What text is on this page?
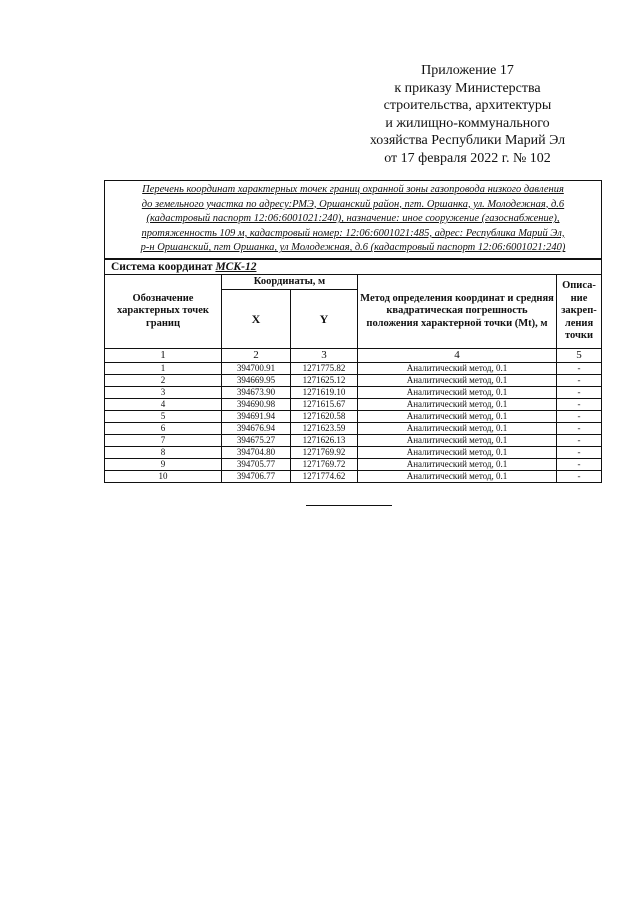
Приложение 17
к приказу Министерства
строительства, архитектуры
и жилищно-коммунального
хозяйства Республики Марий Эл
от 17 февраля 2022 г. № 102
Перечень координат характерных точек границ охранной зоны газопровода низкого давления
до земельного участка по адресу:РМЭ, Оршанский район, пгт. Оршанка, ул. Молодежная, д.6
(кадастровый паспорт 12:06:6001021:240), назначение: иное сооружение (газоснабжение),
протяженность 109 м, кадастровый номер: 12:06:6001021:485, адрес: Республика Марий Эл,
р-н Оршанский, пгт Оршанка, ул Молодежная, д.6 (кадастровый паспорт 12:06:6001021:240)				

Система координат МСК-12				
Обозначение характерных точек границ	Координаты, м		Метод определения координат и средняя квадратическая погрешность положения характерной точки (Mt), м	Описа-ние закреп-ления точки
	X	Y		
1	2	3	4	5
1	394700.91	1271775.82	Аналитический метод, 0.1	-
2	394669.95	1271625.12	Аналитический метод, 0.1	-
3	394673.90	1271619.10	Аналитический метод, 0.1	-
4	394690.98	1271615.67	Аналитический метод, 0.1	-
5	394691.94	1271620.58	Аналитический метод, 0.1	-
6	394676.94	1271623.59	Аналитический метод, 0.1	-
7	394675.27	1271626.13	Аналитический метод, 0.1	-
8	394704.80	1271769.92	Аналитический метод, 0.1	-
9	394705.77	1271769.72	Аналитический метод, 0.1	-
10	394706.77	1271774.62	Аналитический метод, 0.1	-
